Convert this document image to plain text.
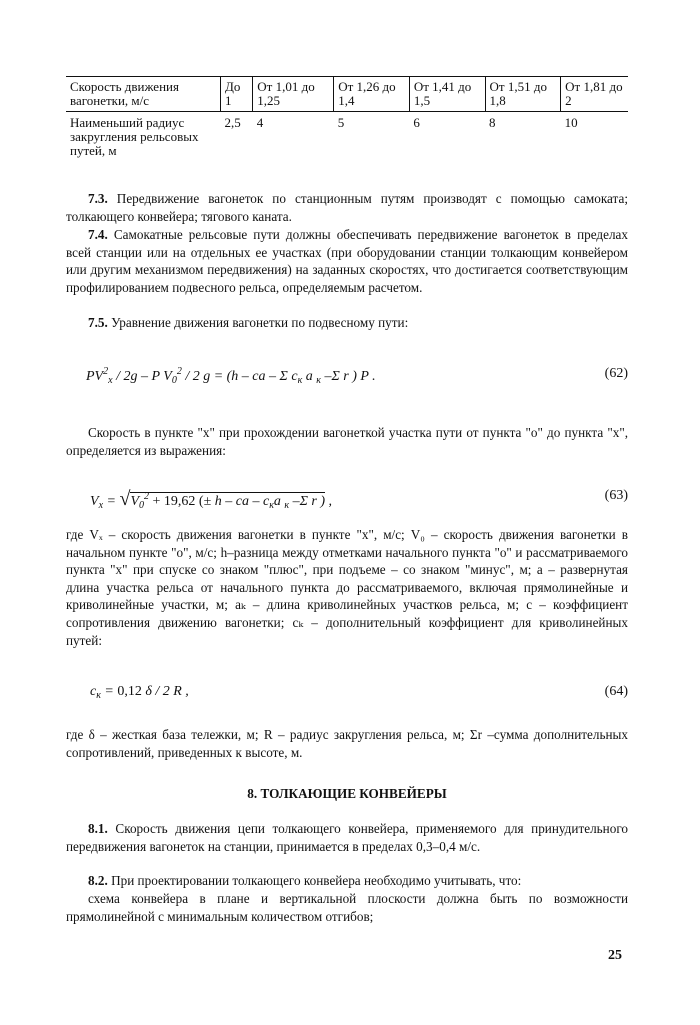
Скорость движения вагонетки, м/с	До 1	От 1,01 до 1,25	От 1,26 до 1,4	От 1,41 до 1,5	От 1,51 до 1,8	От 1,81 до 2
Наименьший радиус закругления рельсовых путей, м	2,5	4	5	6	8	10

7.3. Передвижение вагонеток по станционным путям производят с помощью самоката; толкающего конвейера; тягового каната.

7.4. Самокатные рельсовые пути должны обеспечивать передвижение вагонеток в пределах всей станции или на отдельных ее участках (при оборудовании станции толкающим конвейером или другим механизмом передвижения) на заданных скоростях, что достигается соответствующим профилированием подвесного рельса, определяемым расчетом.

7.5. Уравнение движения вагонетки по подвесному пути:

$PV^2_x / 2g$ – P $V_0^2 / 2$ g = (h – ca – Σ $c_к$ a $_к$ –Σ r ) P .	(62)

Скорость в пункте "х" при прохождении вагонеткой участка пути от пункта "о" до пункта "х", определяется из выражения:

$V_x = √V_0^2 + 19,62$ (± h – ca – $c_кa$ $_к$ –Σ r ) ,	(63)

где Vₓ – скорость движения вагонетки в пункте "х", м/с; V₀ – скорость движения вагонетки в начальном пункте "о", м/с; h–разница между отметками начального пункта "о" и рассматриваемого пункта "х" при спуске со знаком "плюс", при подъеме – со знаком "минус", м; a – развернутая длина участка рельса от начального пункта до рассматриваемого, включая прямолинейные и криволинейные участки, м; aₖ – длина криволинейных участков рельса, м; с – коэффициент сопротивления движению вагонетки; сₖ – дополнительный коэффициент для криволинейных путей:

$c_к = 0,12$ δ / 2 R ,	(64)

где δ – жесткая база тележки, м; R – радиус закругления рельса, м; Σr –сумма дополнительных сопротивлений, приведенных к высоте, м.

8. ТОЛКАЮЩИЕ КОНВЕЙЕРЫ

8.1. Скорость движения цепи толкающего конвейера, применяемого для принудительного передвижения вагонеток на станции, принимается в пределах 0,3–0,4 м/с.

8.2. При проектировании толкающего конвейера необходимо учитывать, что:

схема конвейера в плане и вертикальной плоскости должна быть по возможности прямолинейной с минимальным количеством отгибов;

25
